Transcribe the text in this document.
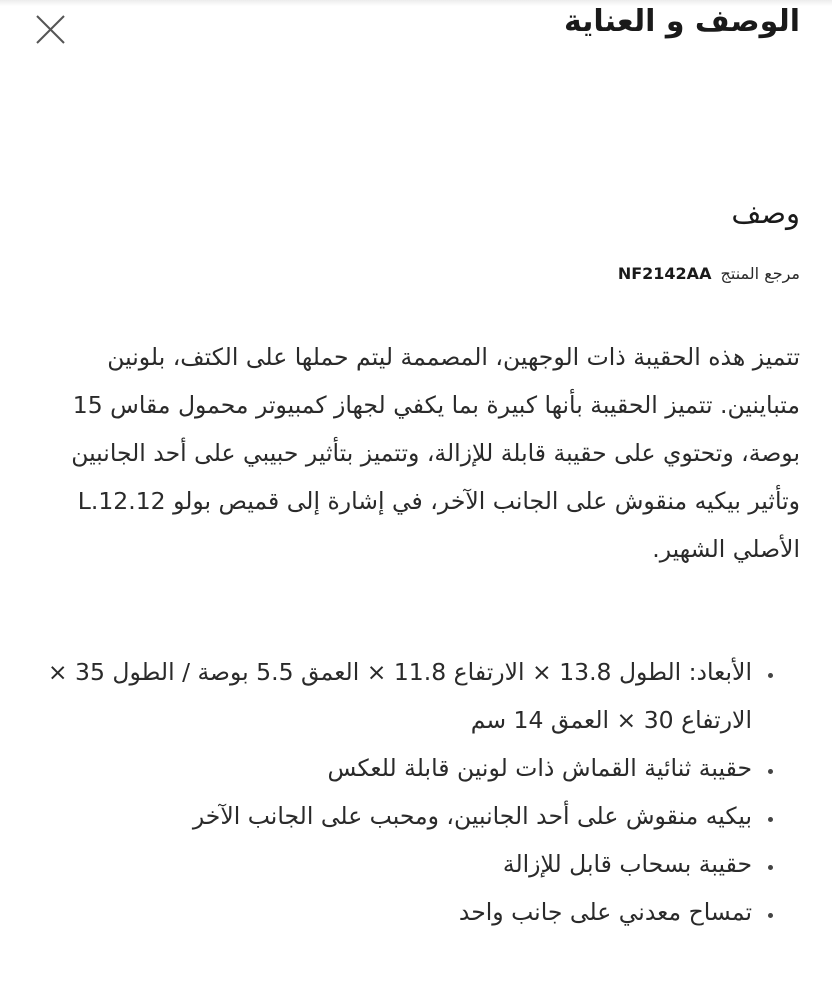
الوصف و العناية
وصف
مرجع المنتج NF2142AA

تتميز هذه الحقيبة ذات الوجهين، المصممة ليتم حملها على الكتف، بلونين متباينين. تتميز الحقيبة بأنها كبيرة بما يكفي لجهاز كمبيوتر محمول مقاس 15 بوصة، وتحتوي على حقيبة قابلة للإزالة، وتتميز بتأثير حبيبي على أحد الجانبين وتأثير بيكيه منقوش على الجانب الآخر، في إشارة إلى قميص بولو L.12.12 الأصلي الشهير.

• الأبعاد: الطول 13.8 × الارتفاع 11.8 × العمق 5.5 بوصة / الطول 35 × الارتفاع 30 × العمق 14 سم
• حقيبة ثنائية القماش ذات لونين قابلة للعكس
• بيكيه منقوش على أحد الجانبين، ومحبب على الجانب الآخر
• حقيبة بسحاب قابل للإزالة
• تمساح معدني على جانب واحد
